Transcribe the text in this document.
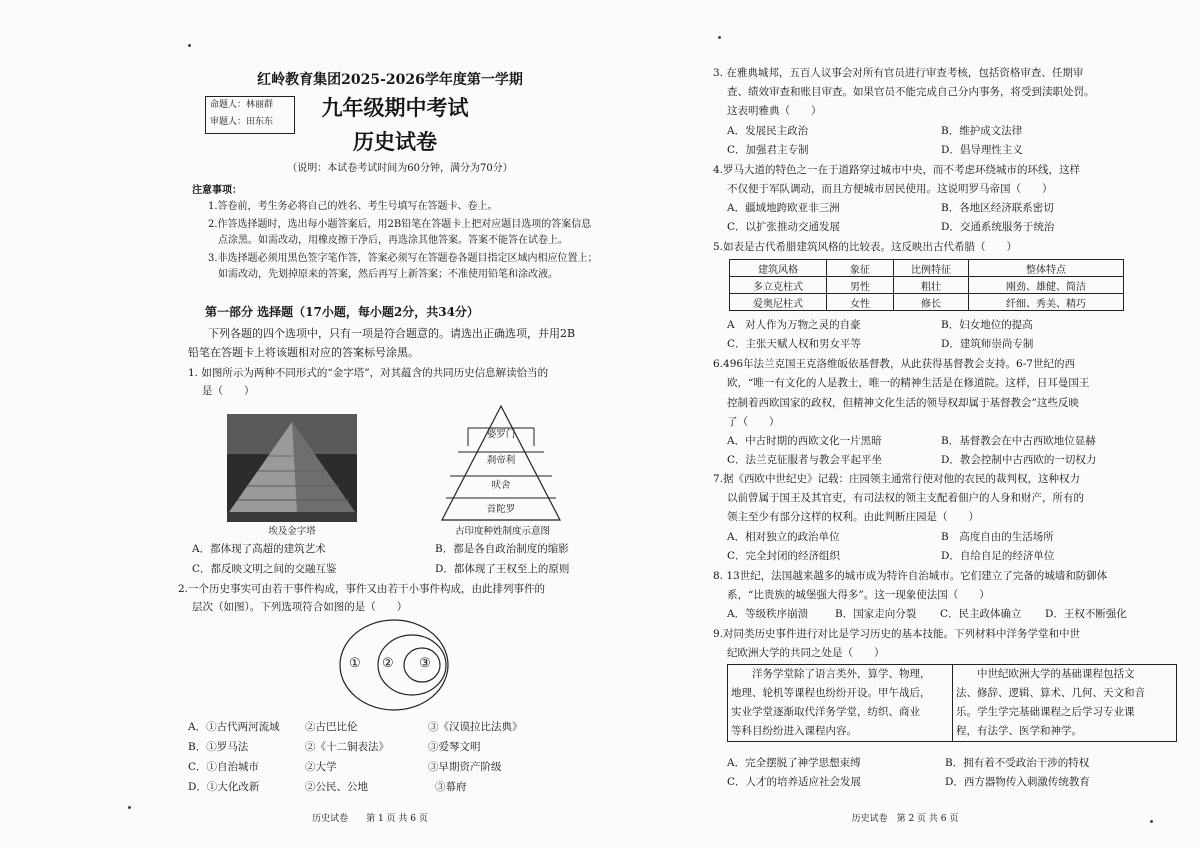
红岭教育集团2025-2026学年度第一学期
命题人：林丽群
审题人：田东东
九年级期中考试
历史试卷
（说明：本试卷考试时间为60分钟，满分为70分）
注意事项：
1.答卷前，考生务必将自己的姓名、考生号填写在答题卡、卷上。
2.作答选择题时，选出每小题答案后，用2B铅笔在答题卡上把对应题目选项的答案信息
点涂黑。如需改动，用橡皮擦干净后，再选涂其他答案。答案不能答在试卷上。
3.非选择题必须用黑色签字笔作答，答案必须写在答题卷各题目指定区域内相应位置上；
如需改动，先划掉原来的答案，然后再写上新答案；不准使用铅笔和涂改液。
第一部分 选择题（17小题，每小题2分，共34分）
下列各题的四个选项中，只有一项是符合题意的。请选出正确选项，并用2B
铅笔在答题卡上将该题相对应的答案标号涂黑。
1. 如图所示为两种不同形式的“金字塔”，对其蕴含的共同历史信息解读恰当的
是（　　）
埃及金字塔
婆罗门
刹帝利
吠舍
首陀罗
古印度种姓制度示意图
A．都体现了高超的建筑艺术	B．都是各自政治制度的缩影
C．都反映文明之间的交融互鉴	D．都体现了王权至上的原则
2.一个历史事实可由若干事件构成，事件又由若干小事件构成，由此排列事件的
层次（如图）。下列选项符合如图的是（　　）
① ② ③
A．①古代两河流域 ②古巴比伦	③《汉谟拉比法典》
B．①罗马法	②《十二铜表法》	③爱琴文明
C．①自治城市	②大学	③早期资产阶级
D．①大化改新	②公民、公地	③幕府
历史试卷　　第 1 页 共 6 页
3. 在雅典城邦，五百人议事会对所有官员进行审查考核，包括资格审查、任期审
查、绩效审查和账目审查。如果官员不能完成自己分内事务，将受到渎职处罚。
这表明雅典（　　）
A．发展民主政治	B．维护成文法律
C．加强君主专制	D．倡导理性主义
4.罗马大道的特色之一在于道路穿过城市中央，而不考虑环绕城市的环线，这样
不仅便于军队调动，而且方便城市居民使用。这说明罗马帝国（　　）
A．疆域地跨欧亚非三洲	B．各地区经济联系密切
C．以扩张推动交通发展	D．交通系统服务于统治
5.如表是古代希腊建筑风格的比较表。这反映出古代希腊（　　）
建筑风格	象征	比例特征	整体特点
多立克柱式	男性	粗壮	刚劲、雄健、简洁
爱奥尼柱式	女性	修长	纤细、秀美、精巧
A　对人作为万物之灵的自豪	B．妇女地位的提高
C．主张天赋人权和男女平等	D．建筑师崇尚专制
6.496年法兰克国王克洛维皈依基督教，从此获得基督教会支持。6-7世纪的西
欧，“唯一有文化的人是教士，唯一的精神生活是在修道院。这样，日耳曼国王
控制着西欧国家的政权，但精神文化生活的领导权却属于基督教会”这些反映
了（　　）
A．中古时期的西欧文化一片黑暗	B．基督教会在中古西欧地位显赫
C．法兰克征服者与教会平起平坐	D．教会控制中古西欧的一切权力
7.据《西欧中世纪史》记载：庄园领主通常行使对他的农民的裁判权，这种权力
以前曾属于国王及其官吏，有司法权的领主支配着佃户的人身和财产，所有的
领主至少有部分这样的权利。由此判断庄园是（　　）
A．相对独立的政治单位	B　高度自由的生活场所
C．完全封闭的经济组织	D．自给自足的经济单位
8. 13世纪，法国越来越多的城市成为特许自治城市。它们建立了完备的城墙和防御体
系，“比贵族的城堡强大得多”。这一现象使法国（　　）
A．等级秩序崩溃	B．国家走向分裂 C．民主政体确立 D．王权不断强化
9.对同类历史事件进行对比是学习历史的基本技能。下列材料中洋务学堂和中世
纪欧洲大学的共同之处是（　　）
　　洋务学堂除了语言类外，算学、物理，
地理、轮机等课程也纷纷开设。甲午战后，
实业学堂逐渐取代洋务学堂，纺织、商业
等科目纷纷进入课程内容。

　　中世纪欧洲大学的基础课程包括文
法、修辞、逻辑、算术、几何、天文和音
乐。学生学完基础课程之后学习专业课
程，有法学、医学和神学。
A．完全摆脱了神学思想束缚	B．拥有着不受政治干涉的特权
C．人才的培养适应社会发展	D．西方器物传入刺激传统教育
历史试卷　第 2 页 共 6 页
